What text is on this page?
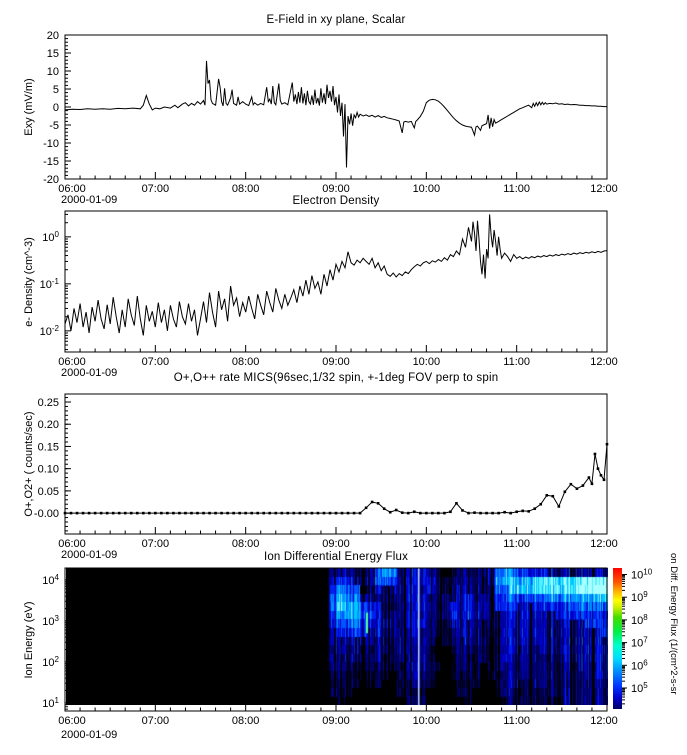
E-Field in xy plane, Scalar
Electron Density
O+,O++ rate MICS(96sec,1/32 spin, +-1deg FOV perp to spin
Ion Differential Energy Flux
Exy (mV/m)
e- Density (cm^-3)
O+,O2+ ( counts/sec)
Ion Energy (eV)
2000-01-09
2000-01-09
2000-01-09
2000-01-09
on Diff. Energy Flux (1/(cm^2-s-sr
06:00	07:00	08:00	09:00	10:00	11:00	12:00
20
15
10
5
0
-5
-10
-15
-20
06:00	07:00	08:00	09:00	10:00	11:00	12:00
$10^0$
$10^{-1}$
$10^{-2}$
06:00	07:00	08:00	09:00	10:00	11:00	12:00
0.25
0.20
0.15
0.10
0.05
-0.00
06:00	07:00	08:00	09:00	10:00	11:00	12:00
$10^4$
$10^3$
$10^2$
$10^1$
$10^{10}$
$10^9$
$10^8$
$10^7$
$10^6$
$10^5$
